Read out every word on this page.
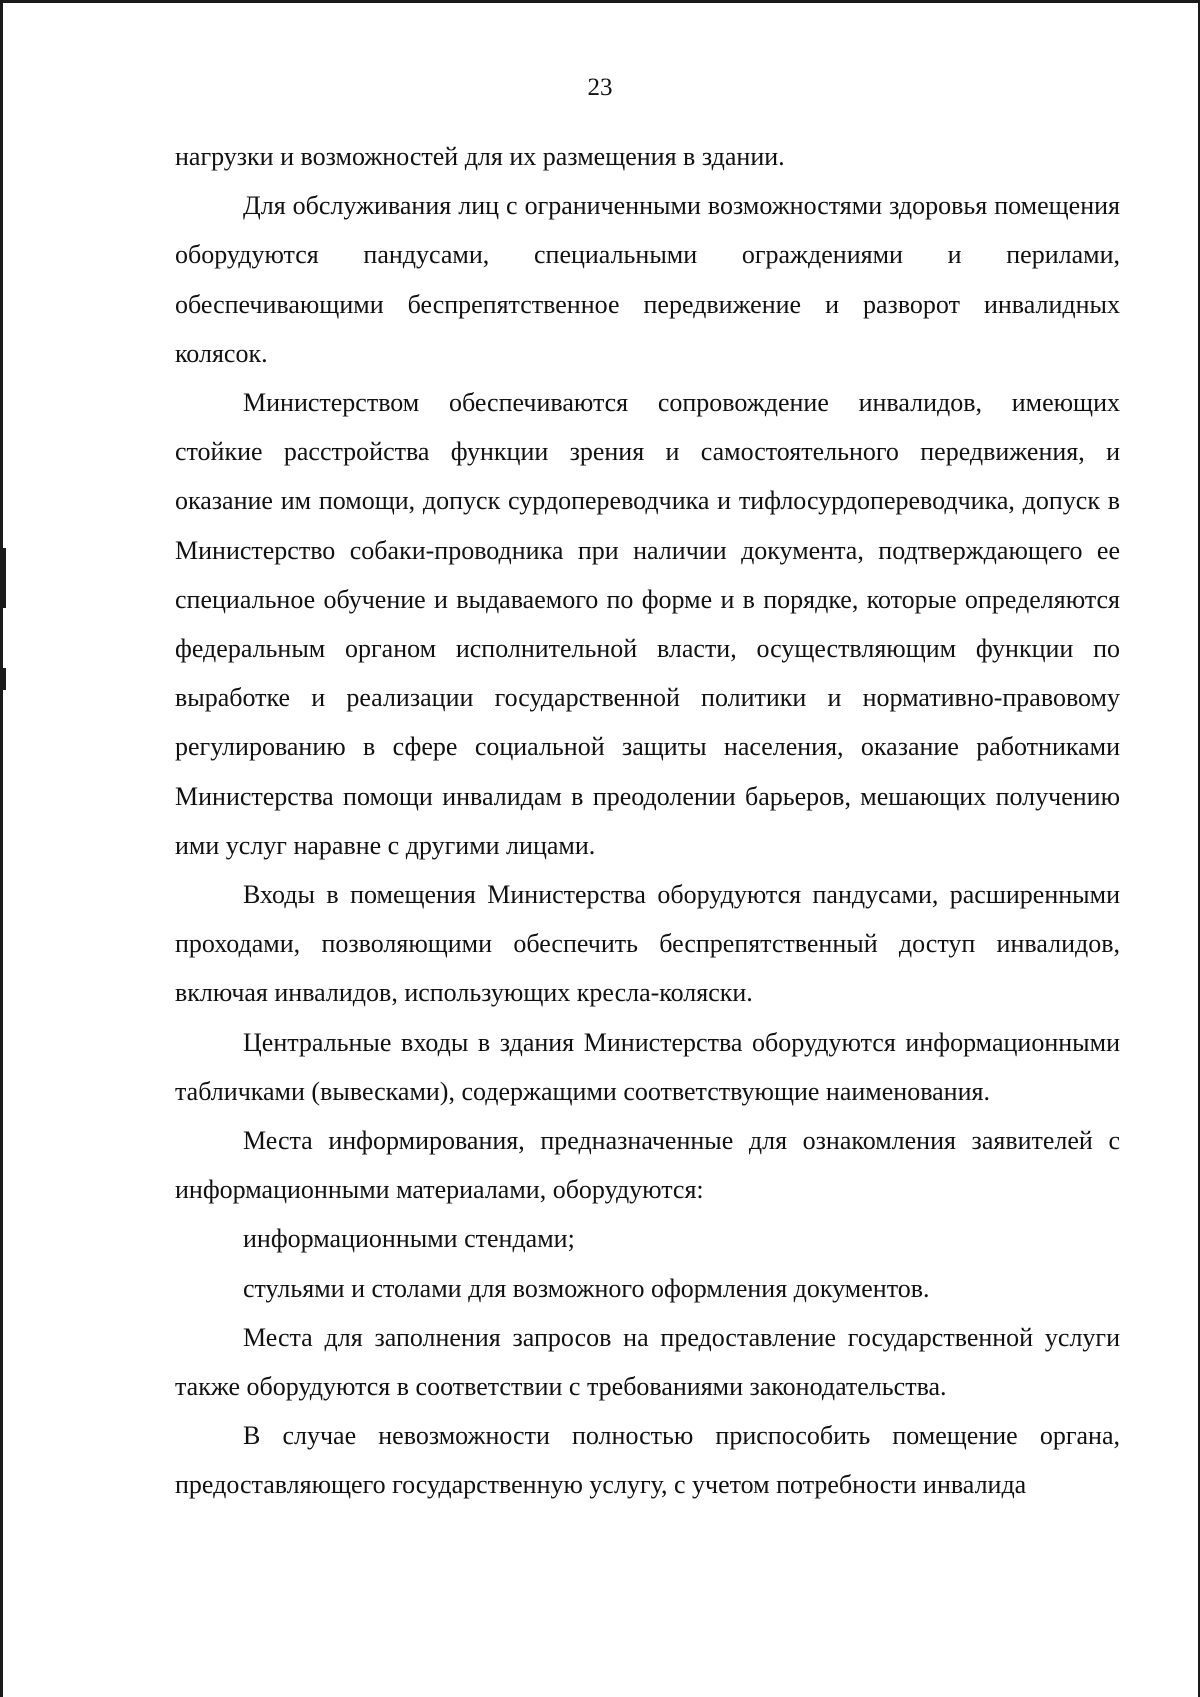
23

нагрузки и возможностей для их размещения в здании.

Для обслуживания лиц с ограниченными возможностями здоровья помещения оборудуются пандусами, специальными ограждениями и перилами, обеспечивающими беспрепятственное передвижение и разворот инвалидных колясок.

Министерством обеспечиваются сопровождение инвалидов, имеющих стойкие расстройства функции зрения и самостоятельного передвижения, и оказание им помощи, допуск сурдопереводчика и тифлосурдопереводчика, допуск в Министерство собаки-проводника при наличии документа, подтверждающего ее специальное обучение и выдаваемого по форме и в порядке, которые определяются федеральным органом исполнительной власти, осуществляющим функции по выработке и реализации государственной политики и нормативно-правовому регулированию в сфере социальной защиты населения, оказание работниками Министерства помощи инвалидам в преодолении барьеров, мешающих получению ими услуг наравне с другими лицами.

Входы в помещения Министерства оборудуются пандусами, расширенными проходами, позволяющими обеспечить беспрепятственный доступ инвалидов, включая инвалидов, использующих кресла-коляски.

Центральные входы в здания Министерства оборудуются информационными табличками (вывесками), содержащими соответствующие наименования.

Места информирования, предназначенные для ознакомления заявителей с информационными материалами, оборудуются:

информационными стендами;

стульями и столами для возможного оформления документов.

Места для заполнения запросов на предоставление государственной услуги также оборудуются в соответствии с требованиями законодательства.

В случае невозможности полностью приспособить помещение органа, предоставляющего государственную услугу, с учетом потребности инвалида
